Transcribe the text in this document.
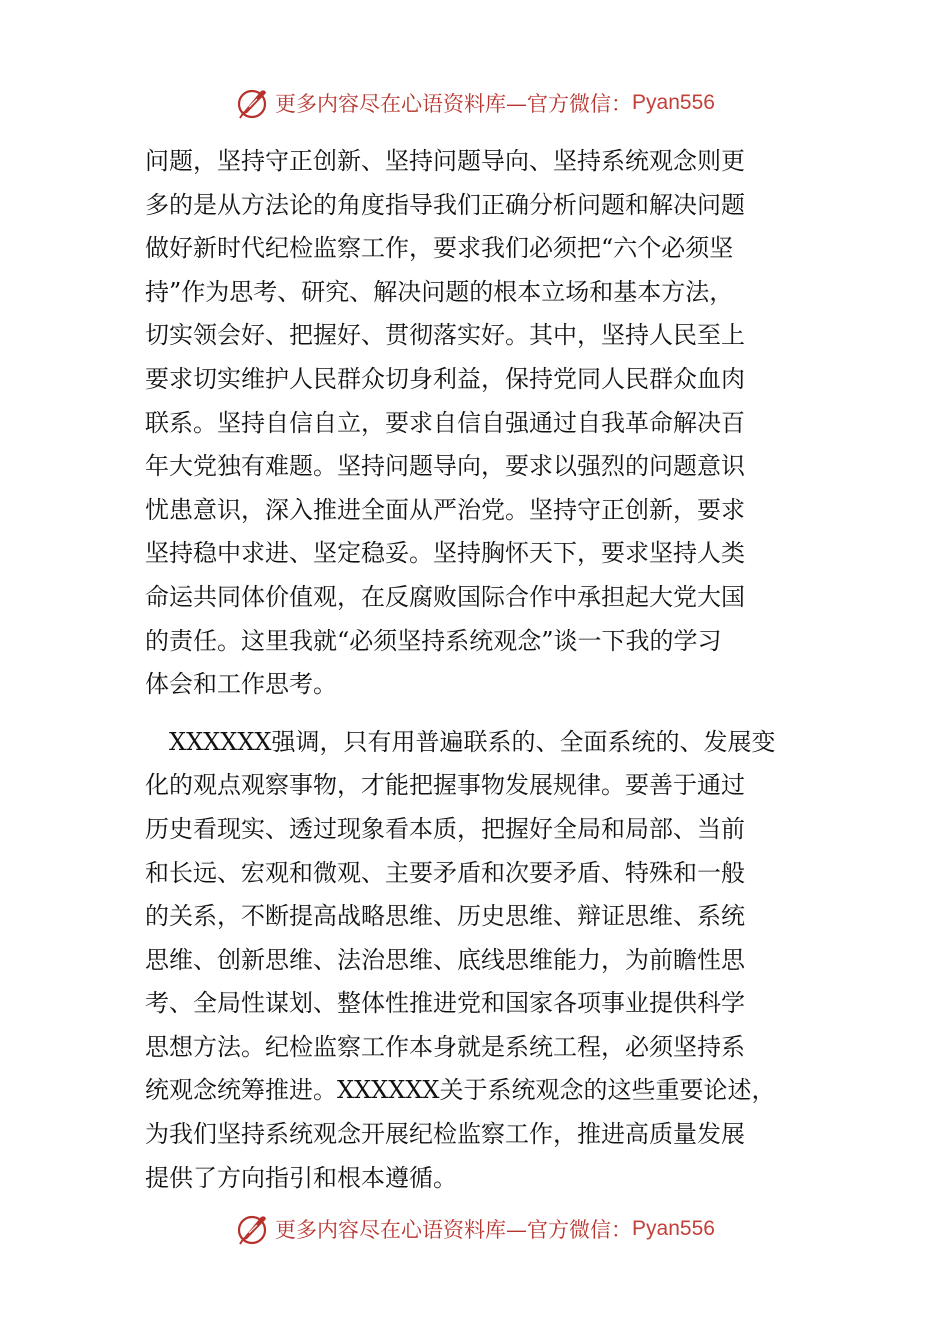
更多内容尽在心语资料库—官方微信： Pyan556
问题，坚持守正创新、坚持问题导向、坚持系统观念则更
多的是从方法论的角度指导我们正确分析问题和解决问题
做好新时代纪检监察工作，要求我们必须把“六个必须坚
持”作为思考、研究、解决问题的根本立场和基本方法，
切实领会好、把握好、贯彻落实好。其中，坚持人民至上
要求切实维护人民群众切身利益，保持党同人民群众血肉
联系。坚持自信自立，要求自信自强通过自我革命解决百
年大党独有难题。坚持问题导向，要求以强烈的问题意识
忧患意识，深入推进全面从严治党。坚持守正创新，要求
坚持稳中求进、坚定稳妥。坚持胸怀天下，要求坚持人类
命运共同体价值观，在反腐败国际合作中承担起大党大国
的责任。这里我就“必须坚持系统观念”谈一下我的学习
体会和工作思考。
　XXXXXX强调，只有用普遍联系的、全面系统的、发展变
化的观点观察事物，才能把握事物发展规律。要善于通过
历史看现实、透过现象看本质，把握好全局和局部、当前
和长远、宏观和微观、主要矛盾和次要矛盾、特殊和一般
的关系，不断提高战略思维、历史思维、辩证思维、系统
思维、创新思维、法治思维、底线思维能力，为前瞻性思
考、全局性谋划、整体性推进党和国家各项事业提供科学
思想方法。纪检监察工作本身就是系统工程，必须坚持系
统观念统筹推进。XXXXXX关于系统观念的这些重要论述，
为我们坚持系统观念开展纪检监察工作，推进高质量发展
提供了方向指引和根本遵循。
更多内容尽在心语资料库—官方微信： Pyan556
